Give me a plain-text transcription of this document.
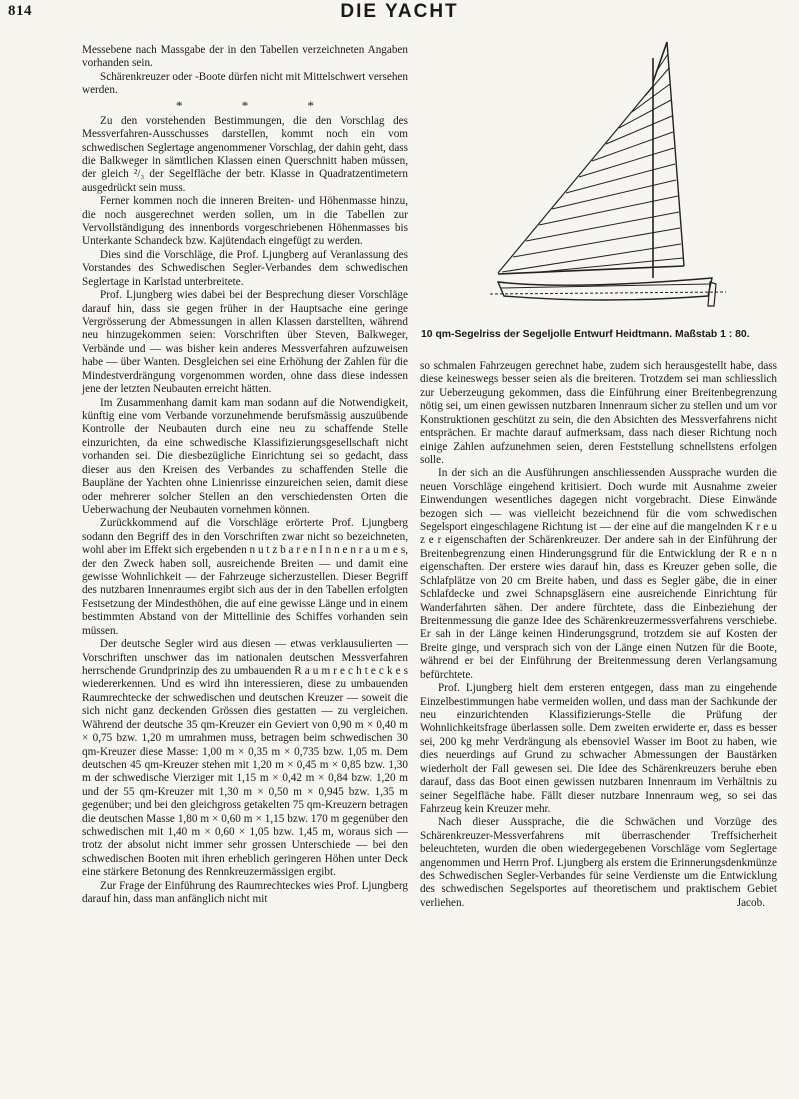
814	DIE YACHT

Messebene nach Massgabe der in den Tabellen verzeichneten Angaben vorhanden sein.

Schärenkreuzer oder -Boote dürfen nicht mit Mittelschwert versehen werden.

* * *

Zu den vorstehenden Bestimmungen, die den Vorschlag des Messverfahren-Ausschusses darstellen, kommt noch ein vom schwedischen Seglertage angenommener Vorschlag, der dahin geht, dass die Balkweger in sämtlichen Klassen einen Querschnitt haben müssen, der gleich ²/₃ der Segelfläche der betr. Klasse in Quadratzentimetern ausgedrückt sein muss.

Ferner kommen noch die inneren Breiten- und Höhenmasse hinzu, die noch ausgerechnet werden sollen, um in die Tabellen zur Vervollständigung des innenbords vorgeschriebenen Höhenmasses bis Unterkante Schandeck bzw. Kajütendach eingefügt zu werden.

Dies sind die Vorschläge, die Prof. Ljungberg auf Veranlassung des Vorstandes des Schwedischen Segler-Verbandes dem schwedischen Seglertage in Karlstad unterbreitete.

Prof. Ljungberg wies dabei bei der Besprechung dieser Vorschläge darauf hin, dass sie gegen früher in der Hauptsache eine geringe Vergrösserung der Abmessungen in allen Klassen darstellten, während neu hinzugekommen seien: Vorschriften über Steven, Balkweger, Verbände und — was bisher kein anderes Messverfahren aufzuweisen habe — über Wanten. Desgleichen sei eine Erhöhung der Zahlen für die Mindestverdrängung vorgenommen worden, ohne dass diese indessen jene der letzten Neubauten erreicht hätten.

Im Zusammenhang damit kam man sodann auf die Notwendigkeit, künftig eine vom Verbande vorzunehmende berufsmässig auszuübende Kontrolle der Neubauten durch eine neu zu schaffende Stelle einzurichten, da eine schwedische Klassifizierungsgesellschaft nicht vorhanden sei. Die diesbezügliche Einrichtung sei so gedacht, dass dieser aus den Kreisen des Verbandes zu schaffenden Stelle die Baupläne der Yachten ohne Linienrisse einzureichen seien, damit diese oder mehrerer solcher Stellen an den verschiedensten Orten die Ueberwachung der Neubauten vornehmen können.

Zurückkommend auf die Vorschläge erörterte Prof. Ljungberg sodann den Begriff des in den Vorschriften zwar nicht so bezeichneten, wohl aber im Effekt sich ergebenden n u t z b a r e n I n n e n r a u m e s, der den Zweck haben soll, ausreichende Breiten — und damit eine gewisse Wohnlichkeit — der Fahrzeuge sicherzustellen. Dieser Begriff des nutzbaren Innenraumes ergibt sich aus der in den Tabellen erfolgten Festsetzung der Mindesthöhen, die auf eine gewisse Länge und in einem bestimmten Abstand von der Mittellinie des Schiffes vorhanden sein müssen.

Der deutsche Segler wird aus diesen — etwas verklausulierten — Vorschriften unschwer das im nationalen deutschen Messverfahren herrschende Grundprinzip des zu umbauenden R a u m r e c h t e c k e s wiedererkennen. Und es wird ihn interessieren, diese zu umbauenden Raumrechtecke der schwedischen und deutschen Kreuzer — soweit die sich nicht ganz deckenden Grössen dies gestatten — zu vergleichen. Während der deutsche 35 qm-Kreuzer ein Geviert von 0,90 m × 0,40 m × 0,75 bzw. 1,20 m umrahmen muss, betragen beim schwedischen 30 qm-Kreuzer diese Masse: 1,00 m × 0,35 m × 0,735 bzw. 1,05 m. Dem deutschen 45 qm-Kreuzer stehen mit 1,20 m × 0,45 m × 0,85 bzw. 1,30 m der schwedische Vierziger mit 1,15 m × 0,42 m × 0,84 bzw. 1,20 m und der 55 qm-Kreuzer mit 1,30 m × 0,50 m × 0,945 bzw. 1,35 m gegenüber; und bei den gleichgross getakelten 75 qm-Kreuzern betragen die deutschen Masse 1,80 m × 0,60 m × 1,15 bzw. 170 m gegenüber den schwedischen mit 1,40 m × 0,60 × 1,05 bzw. 1,45 m, woraus sich — trotz der absolut nicht immer sehr grossen Unterschiede — bei den schwedischen Booten mit ihren erheblich geringeren Höhen unter Deck eine stärkere Betonung des Rennkreuzermässigen ergibt.

Zur Frage der Einführung des Raumrechteckes wies Prof. Ljungberg darauf hin, dass man anfänglich nicht mit

10 qm-Segelriss der Segeljolle Entwurf Heidtmann. Maßstab 1 : 80.

so schmalen Fahrzeugen gerechnet habe, zudem sich herausgestellt habe, dass diese keineswegs besser seien als die breiteren. Trotzdem sei man schliesslich zur Ueberzeugung gekommen, dass die Einführung einer Breitenbegrenzung nötig sei, um einen gewissen nutzbaren Innenraum sicher zu stellen und um vor Konstruktionen geschützt zu sein, die den Absichten des Messverfahrens nicht entsprächen. Er machte darauf aufmerksam, dass nach dieser Richtung noch einige Zahlen aufzunehmen seien, deren Feststellung schnellstens erfolgen solle.

In der sich an die Ausführungen anschliessenden Aussprache wurden die neuen Vorschläge eingehend kritisiert. Doch wurde mit Ausnahme zweier Einwendungen wesentliches dagegen nicht vorgebracht. Diese Einwände bezogen sich — was vielleicht bezeichnend für die vom schwedischen Segelsport eingeschlagene Richtung ist — der eine auf die mangelnden K r e u z e r eigenschaften der Schärenkreuzer. Der andere sah in der Einführung der Breitenbegrenzung einen Hinderungsgrund für die Entwicklung der R e n n eigenschaften. Der erstere wies darauf hin, dass es Kreuzer geben solle, die Schlafplätze von 20 cm Breite haben, und dass es Segler gäbe, die in einer Schlafdecke und zwei Schnapsgläsern eine ausreichende Einrichtung für Wanderfahrten sähen. Der andere fürchtete, dass die Einbeziehung der Breitenmessung die ganze Idee des Schärenkreuzermessverfahrens verschiebe. Er sah in der Länge keinen Hinderungsgrund, trotzdem sie auf Kosten der Breite ginge, und versprach sich von der Länge einen Nutzen für die Boote, während er bei der Einführung der Breitenmessung deren Verlangsamung befürchtete.

Prof. Ljungberg hielt dem ersteren entgegen, dass man zu eingehende Einzelbestimmungen habe vermeiden wollen, und dass man der Sachkunde der neu einzurichtenden Klassifizierungs-Stelle die Prüfung der Wohnlichkeitsfrage überlassen solle. Dem zweiten erwiderte er, dass es besser sei, 200 kg mehr Verdrängung als ebensoviel Wasser im Boot zu haben, wie dies neuerdings auf Grund zu schwacher Abmessungen der Baustärken wiederholt der Fall gewesen sei. Die Idee des Schärenkreuzers beruhe eben darauf, dass das Boot einen gewissen nutzbaren Innenraum im Verhältnis zu seiner Segelfläche habe. Fällt dieser nutzbare Innenraum weg, so sei das Fahrzeug kein Kreuzer mehr.

Nach dieser Aussprache, die die Schwächen und Vorzüge des Schärenkreuzer-Messverfahrens mit überraschender Treffsicherheit beleuchteten, wurden die oben wiedergegebenen Vorschläge vom Seglertage angenommen und Herrn Prof. Ljungberg als erstem die Erinnerungsdenkmünze des Schwedischen Segler-Verbandes für seine Verdienste um die Entwicklung des schwedischen Segelsportes auf theoretischem und praktischem Gebiet verliehen.	Jacob.
